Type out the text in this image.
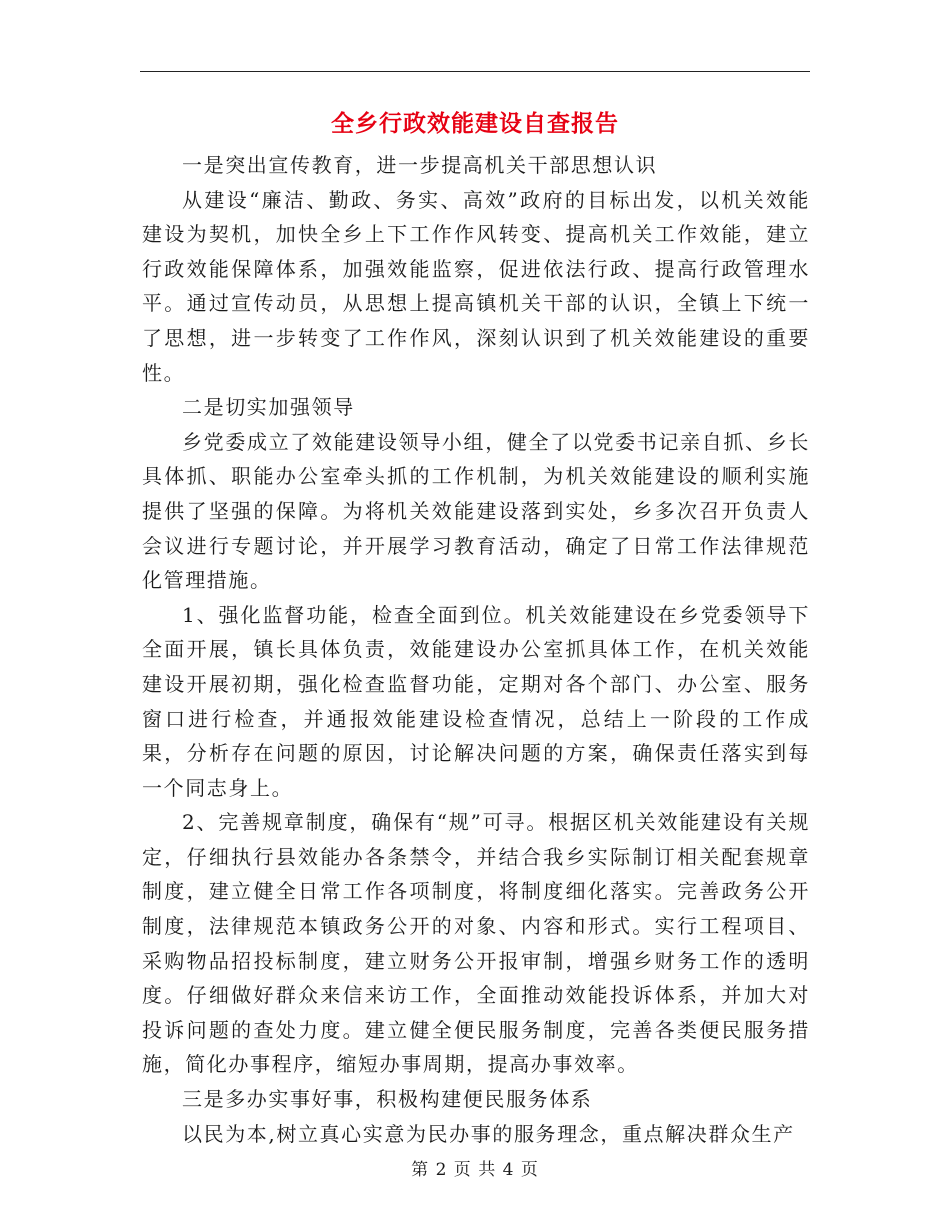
全乡行政效能建设自查报告

一是突出宣传教育，进一步提高机关干部思想认识

从建设“廉洁、勤政、务实、高效”政府的目标出发，以机关效能建设为契机，加快全乡上下工作作风转变、提高机关工作效能，建立行政效能保障体系，加强效能监察，促进依法行政、提高行政管理水平。通过宣传动员，从思想上提高镇机关干部的认识，全镇上下统一了思想，进一步转变了工作作风，深刻认识到了机关效能建设的重要性。

二是切实加强领导

乡党委成立了效能建设领导小组，健全了以党委书记亲自抓、乡长具体抓、职能办公室牵头抓的工作机制，为机关效能建设的顺利实施提供了坚强的保障。为将机关效能建设落到实处，乡多次召开负责人会议进行专题讨论，并开展学习教育活动，确定了日常工作法律规范化管理措施。

1、强化监督功能，检查全面到位。机关效能建设在乡党委领导下全面开展，镇长具体负责，效能建设办公室抓具体工作，在机关效能建设开展初期，强化检查监督功能，定期对各个部门、办公室、服务窗口进行检查，并通报效能建设检查情况，总结上一阶段的工作成果，分析存在问题的原因，讨论解决问题的方案，确保责任落实到每一个同志身上。

2、完善规章制度，确保有“规”可寻。根据区机关效能建设有关规定，仔细执行县效能办各条禁令，并结合我乡实际制订相关配套规章制度，建立健全日常工作各项制度，将制度细化落实。完善政务公开制度，法律规范本镇政务公开的对象、内容和形式。实行工程项目、采购物品招投标制度，建立财务公开报审制，增强乡财务工作的透明度。仔细做好群众来信来访工作，全面推动效能投诉体系，并加大对投诉问题的查处力度。建立健全便民服务制度，完善各类便民服务措施，简化办事程序，缩短办事周期，提高办事效率。

三是多办实事好事，积极构建便民服务体系

以民为本,树立真心实意为民办事的服务理念，重点解决群众生产

第 2 页 共 4 页
